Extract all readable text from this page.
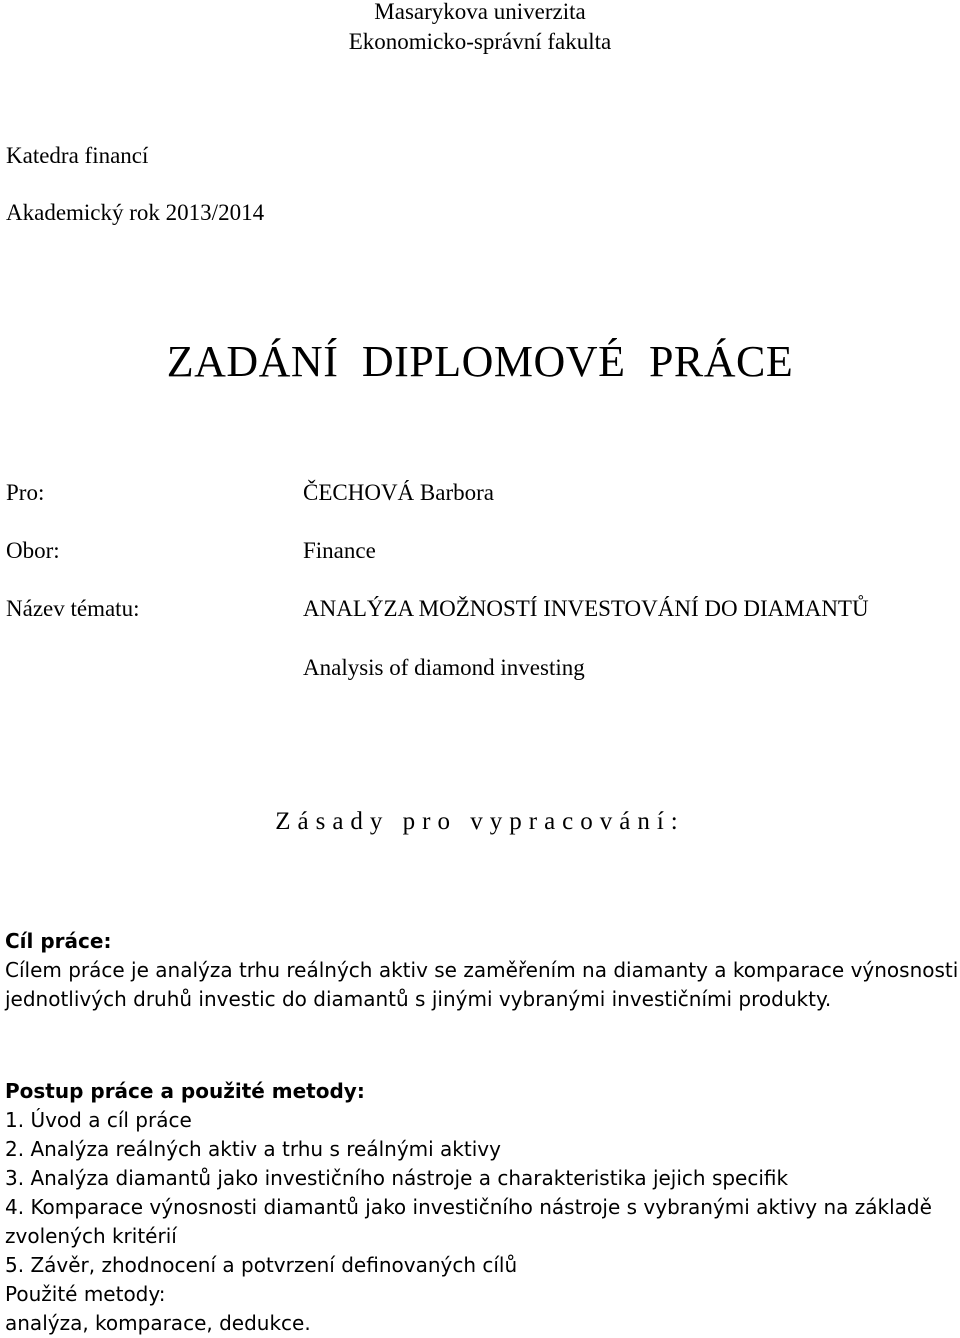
Masarykova univerzita
Ekonomicko-správní fakulta
Katedra financí
Akademický rok 2013/2014
ZADÁNÍ DIPLOMOVÉ PRÁCE
Pro:	ČECHOVÁ Barbora
Obor:	Finance
Název tématu:	ANALÝZA MOŽNOSTÍ INVESTOVÁNÍ DO DIAMANTŮ
Analysis of diamond investing
Zásady pro vypracování:
Cíl práce:
Cílem práce je analýza trhu reálných aktiv se zaměřením na diamanty a komparace výnosnosti
jednotlivých druhů investic do diamantů s jinými vybranými investičními produkty.
Postup práce a použité metody:
1. Úvod a cíl práce
2. Analýza reálných aktiv a trhu s reálnými aktivy
3. Analýza diamantů jako investičního nástroje a charakteristika jejich specifik
4. Komparace výnosnosti diamantů jako investičního nástroje s vybranými aktivy na základě
zvolených kritérií
5. Závěr, zhodnocení a potvrzení definovaných cílů
Použité metody:
analýza, komparace, dedukce.
